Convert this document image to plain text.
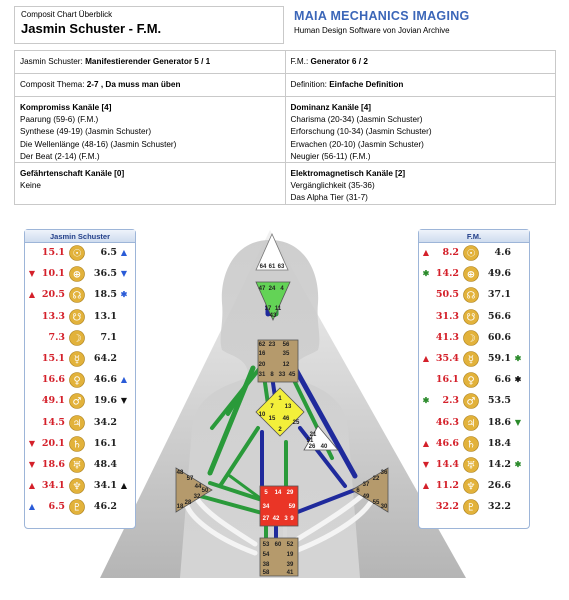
Composit Chart Überblick
Jasmin Schuster - F.M.
MAIA MECHANICS IMAGING
Human Design Software von Jovian Archive
Jasmin Schuster: Manifestierender Generator 5 / 1	F.M.: Generator 6 / 2
Composit Thema: 2-7 , Da muss man üben	Definition: Einfache Definition
Kompromiss Kanäle [4]
Paarung (59-6) (F.M.)
Synthese (49-19) (Jasmin Schuster)
Die Wellenlänge (48-16) (Jasmin Schuster)
Der Beat (2-14) (F.M.)
Dominanz Kanäle [4]
Charisma (20-34) (Jasmin Schuster)
Erforschung (10-34) (Jasmin Schuster)
Erwachen (20-10) (Jasmin Schuster)
Neugier (56-11) (F.M.)
Gefährtenschaft Kanäle [0]
Keine
Elektromagnetisch Kanäle [2]
Vergänglichkeit (35-36)
Das Alpha Tier (31-7)
64 61 63
47 24 4
17 11
43
62 23 56
16	35
20	12
31 8 33 45
1
7 13
10
15 46
2
25
21
51
26 40
48
57
44
50
32
28
18
36
22
37
6
49
55
30
5 14 29
34
27 42 3 9
59
53 60 52
54	19
38	39
58	41
Jasmin Schuster
15.1 ☉	6.5 ▲
▼ 10.1 ⊕	36.5 ▼
▲ 20.5 ☊	18.5 ✱
13.3 ☋	13.1
7.3 ☽	7.1
15.1 ☿	64.2
16.6 ♀	46.6 ▲
49.1 ♂	19.6 ▼
14.5 ♃	34.2
▼ 20.1 ♄	16.1
▼ 18.6 ♅	48.4
▲ 34.1 ♆	34.1 ▲
▲	6.5 ♇	46.2
F.M.
▲	8.2 ☉	4.6
✱ 14.2 ⊕	49.6
50.5 ☊	37.1
31.3 ☋	56.6
41.3 ☽	60.6
▲ 35.4 ☿	59.1 ✱
16.1 ♀	6.6 ✱
✱	2.3 ♂	53.5
46.3 ♃	18.6 ▼
▲ 46.6 ♄	18.4
▼ 14.4 ♅	14.2 ✱
▲ 11.2 ♆	26.6
32.2 ♇	32.2
